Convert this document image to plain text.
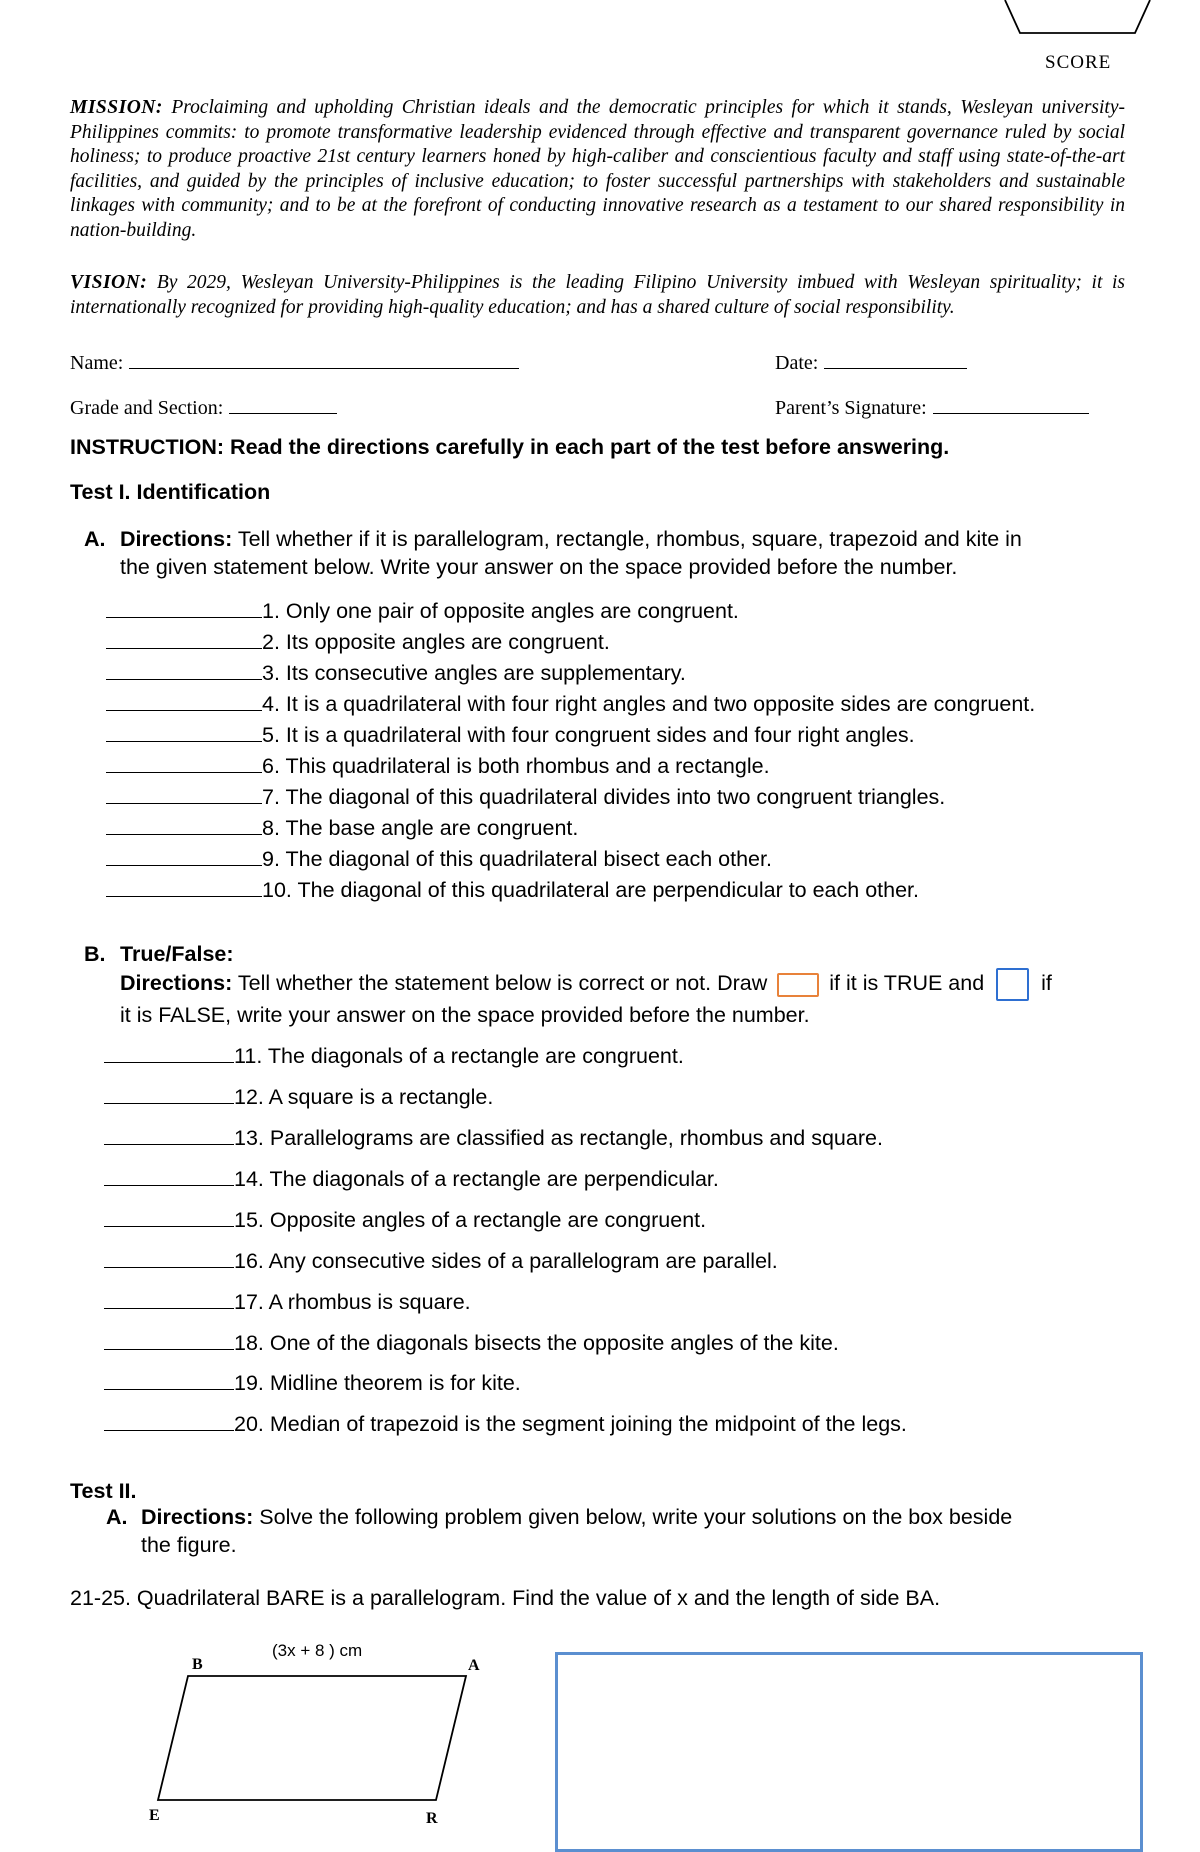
SCORE
MISSION: Proclaiming and upholding Christian ideals and the democratic principles for which it stands, Wesleyan university-Philippines commits: to promote transformative leadership evidenced through effective and transparent governance ruled by social holiness; to produce proactive 21st century learners honed by high-caliber and conscientious faculty and staff using state-of-the-art facilities, and guided by the principles of inclusive education; to foster successful partnerships with stakeholders and sustainable linkages with community; and to be at the forefront of conducting innovative research as a testament to our shared responsibility in nation-building.
VISION: By 2029, Wesleyan University-Philippines is the leading Filipino University imbued with Wesleyan spirituality; it is internationally recognized for providing high-quality education; and has a shared culture of social responsibility.
Name:	Date:
Grade and Section:	Parent’s Signature:
INSTRUCTION: Read the directions carefully in each part of the test before answering.
Test I. Identification
A. Directions: Tell whether if it is parallelogram, rectangle, rhombus, square, trapezoid and kite in
the given statement below. Write your answer on the space provided before the number.
1. Only one pair of opposite angles are congruent.
2. Its opposite angles are congruent.
3. Its consecutive angles are supplementary.
4. It is a quadrilateral with four right angles and two opposite sides are congruent.
5. It is a quadrilateral with four congruent sides and four right angles.
6. This quadrilateral is both rhombus and a rectangle.
7. The diagonal of this quadrilateral divides into two congruent triangles.
8. The base angle are congruent.
9. The diagonal of this quadrilateral bisect each other.
10. The diagonal of this quadrilateral are perpendicular to each other.
B. True/False:
Directions: Tell whether the statement below is correct or not. Draw	if it is TRUE and	if
it is FALSE, write your answer on the space provided before the number.
11. The diagonals of a rectangle are congruent.
12. A square is a rectangle.
13. Parallelograms are classified as rectangle, rhombus and square.
14. The diagonals of a rectangle are perpendicular.
15. Opposite angles of a rectangle are congruent.
16. Any consecutive sides of a parallelogram are parallel.
17. A rhombus is square.
18. One of the diagonals bisects the opposite angles of the kite.
19. Midline theorem is for kite.
20. Median of trapezoid is the segment joining the midpoint of the legs.
Test II.
A. Directions: Solve the following problem given below, write your solutions on the box beside
the figure.
21-25. Quadrilateral BARE is a parallelogram. Find the value of x and the length of side BA.
(3x + 8 ) cm
B	A
E	R
